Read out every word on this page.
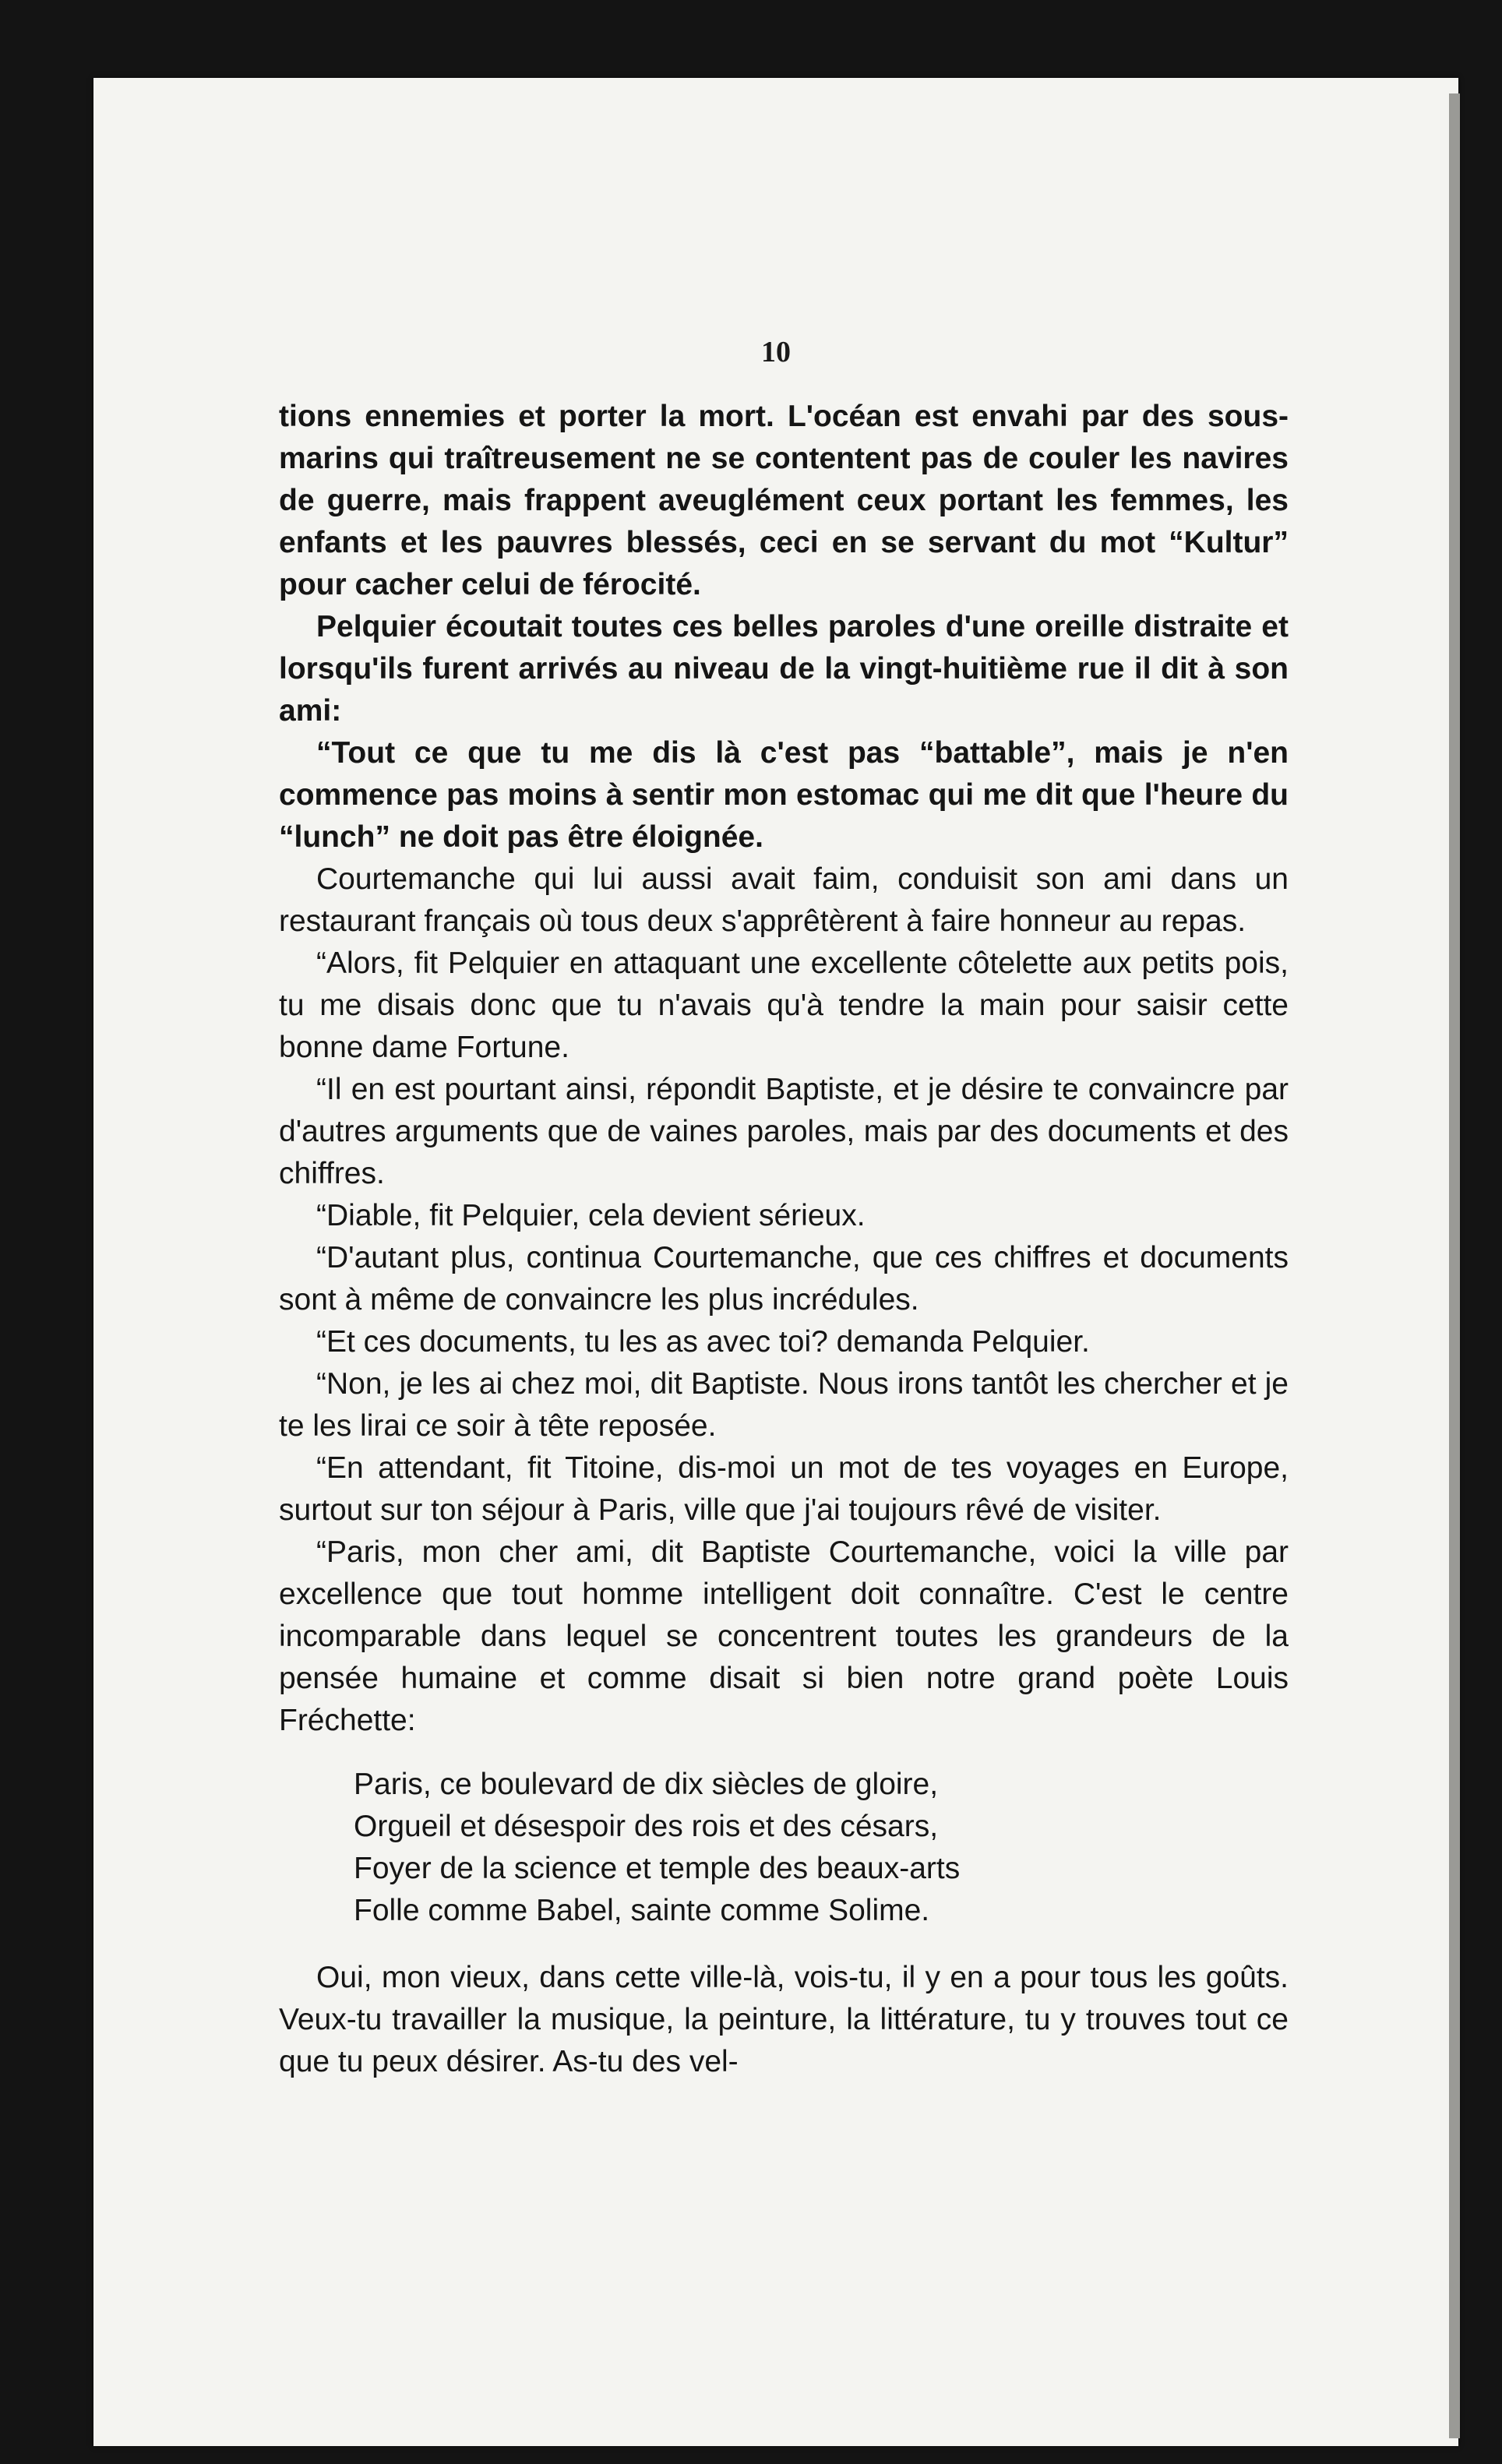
10

tions ennemies et porter la mort. L'océan est envahi par des sous-marins qui traîtreusement ne se contentent pas de couler les navires de guerre, mais frappent aveuglément ceux portant les femmes, les enfants et les pauvres blessés, ceci en se servant du mot “Kultur” pour cacher celui de férocité.

Pelquier écoutait toutes ces belles paroles d'une oreille distraite et lorsqu'ils furent arrivés au niveau de la vingt-huitième rue il dit à son ami:

“Tout ce que tu me dis là c'est pas “battable”, mais je n'en commence pas moins à sentir mon estomac qui me dit que l'heure du “lunch” ne doit pas être éloignée.

Courtemanche qui lui aussi avait faim, conduisit son ami dans un restaurant français où tous deux s'apprêtèrent à faire honneur au repas.

“Alors, fit Pelquier en attaquant une excellente côtelette aux petits pois, tu me disais donc que tu n'avais qu'à tendre la main pour saisir cette bonne dame Fortune.

“Il en est pourtant ainsi, répondit Baptiste, et je désire te convaincre par d'autres arguments que de vaines paroles, mais par des documents et des chiffres.

“Diable, fit Pelquier, cela devient sérieux.

“D'autant plus, continua Courtemanche, que ces chiffres et documents sont à même de convaincre les plus incrédules.

“Et ces documents, tu les as avec toi? demanda Pelquier.

“Non, je les ai chez moi, dit Baptiste. Nous irons tantôt les chercher et je te les lirai ce soir à tête reposée.

“En attendant, fit Titoine, dis-moi un mot de tes voyages en Europe, surtout sur ton séjour à Paris, ville que j'ai toujours rêvé de visiter.

“Paris, mon cher ami, dit Baptiste Courtemanche, voici la ville par excellence que tout homme intelligent doit connaître. C'est le centre incomparable dans lequel se concentrent toutes les grandeurs de la pensée humaine et comme disait si bien notre grand poète Louis Fréchette:

Paris, ce boulevard de dix siècles de gloire,
Orgueil et désespoir des rois et des césars,
Foyer de la science et temple des beaux-arts
Folle comme Babel, sainte comme Solime.

Oui, mon vieux, dans cette ville-là, vois-tu, il y en a pour tous les goûts. Veux-tu travailler la musique, la peinture, la littérature, tu y trouves tout ce que tu peux désirer. As-tu des vel-
